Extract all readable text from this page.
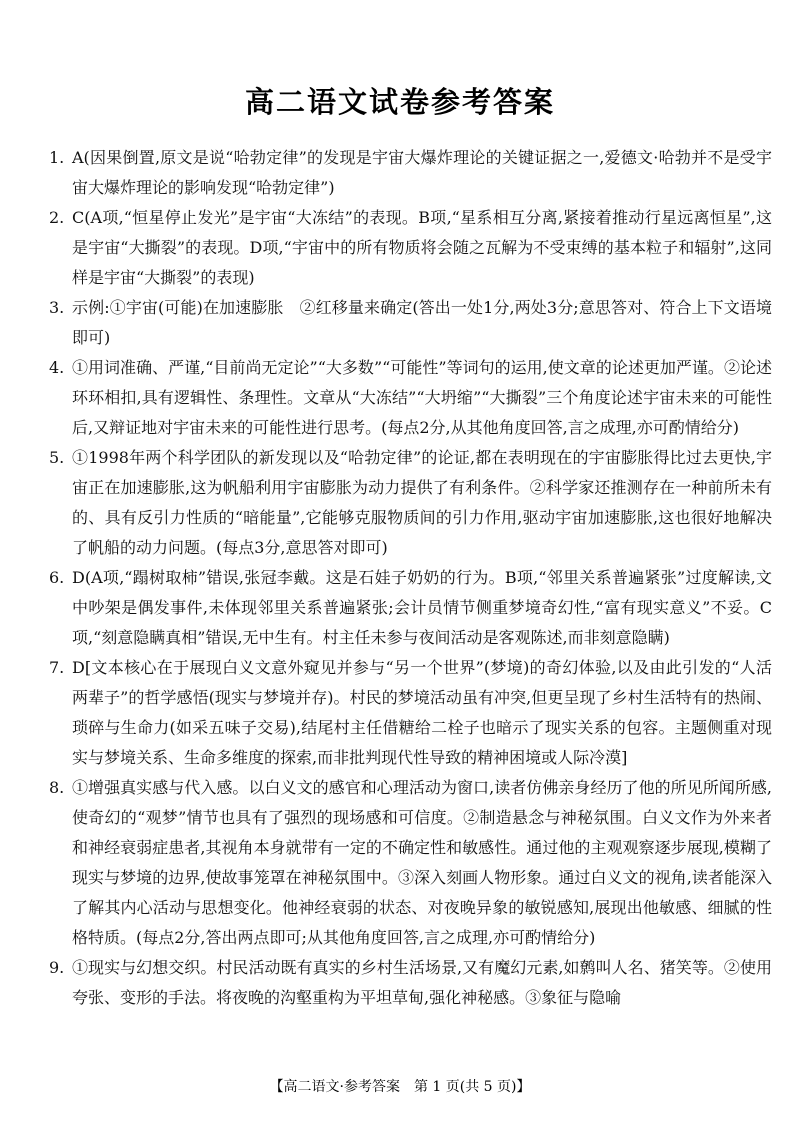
高二语文试卷参考答案
1. A(因果倒置,原文是说“哈勃定律”的发现是宇宙大爆炸理论的关键证据之一,爱德文·哈勃并不是受宇宙大爆炸理论的影响发现“哈勃定律”)
2. C(A项,“恒星停止发光”是宇宙“大冻结”的表现。B项,“星系相互分离,紧接着推动行星远离恒星”,这是宇宙“大撕裂”的表现。D项,“宇宙中的所有物质将会随之瓦解为不受束缚的基本粒子和辐射”,这同样是宇宙“大撕裂”的表现)
3. 示例:①宇宙(可能)在加速膨胀　②红移量来确定(答出一处1分,两处3分;意思答对、符合上下文语境即可)
4. ①用词准确、严谨,“目前尚无定论”“大多数”“可能性”等词句的运用,使文章的论述更加严谨。②论述环环相扣,具有逻辑性、条理性。文章从“大冻结”“大坍缩”“大撕裂”三个角度论述宇宙未来的可能性后,又辩证地对宇宙未来的可能性进行思考。(每点2分,从其他角度回答,言之成理,亦可酌情给分)
5. ①1998年两个科学团队的新发现以及“哈勃定律”的论证,都在表明现在的宇宙膨胀得比过去更快,宇宙正在加速膨胀,这为帆船利用宇宙膨胀为动力提供了有利条件。②科学家还推测存在一种前所未有的、具有反引力性质的“暗能量”,它能够克服物质间的引力作用,驱动宇宙加速膨胀,这也很好地解决了帆船的动力问题。(每点3分,意思答对即可)
6. D(A项,“蹋树取柿”错误,张冠李戴。这是石娃子奶奶的行为。B项,“邻里关系普遍紧张”过度解读,文中吵架是偶发事件,未体现邻里关系普遍紧张;会计员情节侧重梦境奇幻性,“富有现实意义”不妥。C项,“刻意隐瞒真相”错误,无中生有。村主任未参与夜间活动是客观陈述,而非刻意隐瞒)
7. D[文本核心在于展现白义文意外窥见并参与“另一个世界”(梦境)的奇幻体验,以及由此引发的“人活两辈子”的哲学感悟(现实与梦境并存)。村民的梦境活动虽有冲突,但更呈现了乡村生活特有的热闹、琐碎与生命力(如采五味子交易),结尾村主任借糖给二栓子也暗示了现实关系的包容。主题侧重对现实与梦境关系、生命多维度的探索,而非批判现代性导致的精神困境或人际冷漠]
8. ①增强真实感与代入感。以白义文的感官和心理活动为窗口,读者仿佛亲身经历了他的所见所闻所感,使奇幻的“观梦”情节也具有了强烈的现场感和可信度。②制造悬念与神秘氛围。白义文作为外来者和神经衰弱症患者,其视角本身就带有一定的不确定性和敏感性。通过他的主观观察逐步展现,模糊了现实与梦境的边界,使故事笼罩在神秘氛围中。③深入刻画人物形象。通过白义文的视角,读者能深入了解其内心活动与思想变化。他神经衰弱的状态、对夜晚异象的敏锐感知,展现出他敏感、细腻的性格特质。(每点2分,答出两点即可;从其他角度回答,言之成理,亦可酌情给分)
9. ①现实与幻想交织。村民活动既有真实的乡村生活场景,又有魔幻元素,如鹩叫人名、猪笑等。②使用夸张、变形的手法。将夜晚的沟壑重构为平坦草甸,强化神秘感。③象征与隐喻
【高二语文·参考答案　第 1 页(共 5 页)】
